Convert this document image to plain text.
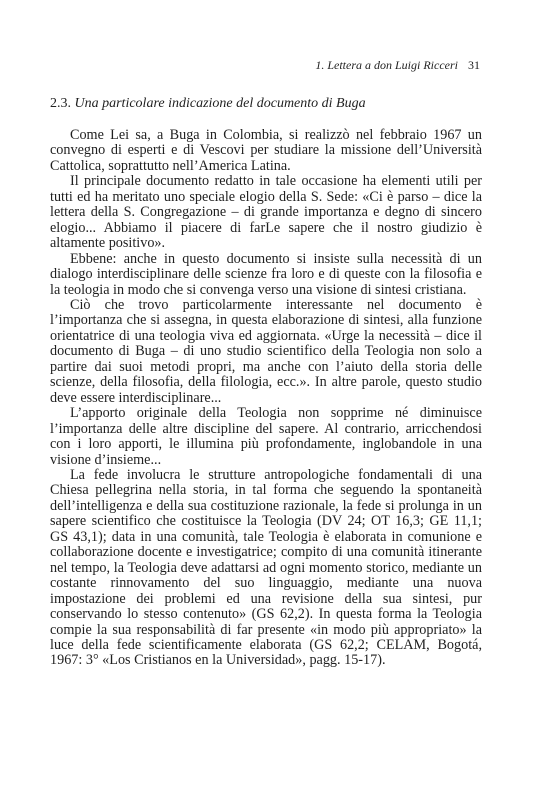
1. Lettera a don Luigi Ricceri 31
2.3. Una particolare indicazione del documento di Buga

Come Lei sa, a Buga in Colombia, si realizzò nel febbraio 1967 un convegno di esperti e di Vescovi per studiare la missione dell’Università Cattolica, soprattutto nell’America Latina.

Il principale documento redatto in tale occasione ha elementi utili per tutti ed ha meritato uno speciale elogio della S. Sede: «Ci è parso – dice la lettera della S. Congregazione – di grande importanza e degno di sincero elogio... Abbiamo il piacere di farLe sapere che il nostro giudizio è altamente positivo».

Ebbene: anche in questo documento si insiste sulla necessità di un dialogo interdisciplinare delle scienze fra loro e di queste con la filosofia e la teologia in modo che si convenga verso una visione di sintesi cristiana.

Ciò che trovo particolarmente interessante nel documento è l’importanza che si assegna, in questa elaborazione di sintesi, alla funzione orientatrice di una teologia viva ed aggiornata. «Urge la necessità – dice il documento di Buga – di uno studio scientifico della Teologia non solo a partire dai suoi metodi propri, ma anche con l’aiuto della storia delle scienze, della filosofia, della filologia, ecc.». In altre parole, questo studio deve essere interdisciplinare...

L’apporto originale della Teologia non sopprime né diminuisce l’importanza delle altre discipline del sapere. Al contrario, arricchendosi con i loro apporti, le illumina più profondamente, inglobandole in una visione d’insieme...

La fede involucra le strutture antropologiche fondamentali di una Chiesa pellegrina nella storia, in tal forma che seguendo la spontaneità dell’intelligenza e della sua costituzione razionale, la fede si prolunga in un sapere scientifico che costituisce la Teologia (DV 24; OT 16,3; GE 11,1; GS 43,1); data in una comunità, tale Teologia è elaborata in comunione e collaborazione docente e investigatrice; compito di una comunità itinerante nel tempo, la Teologia deve adattarsi ad ogni momento storico, mediante un costante rinnovamento del suo linguaggio, mediante una nuova impostazione dei problemi ed una revisione della sua sintesi, pur conservando lo stesso contenuto» (GS 62,2). In questa forma la Teologia compie la sua responsabilità di far presente «in modo più appropriato» la luce della fede scientificamente elaborata (GS 62,2; CELAM, Bogotá, 1967: 3° «Los Cristianos en la Universidad», pagg. 15-17).
